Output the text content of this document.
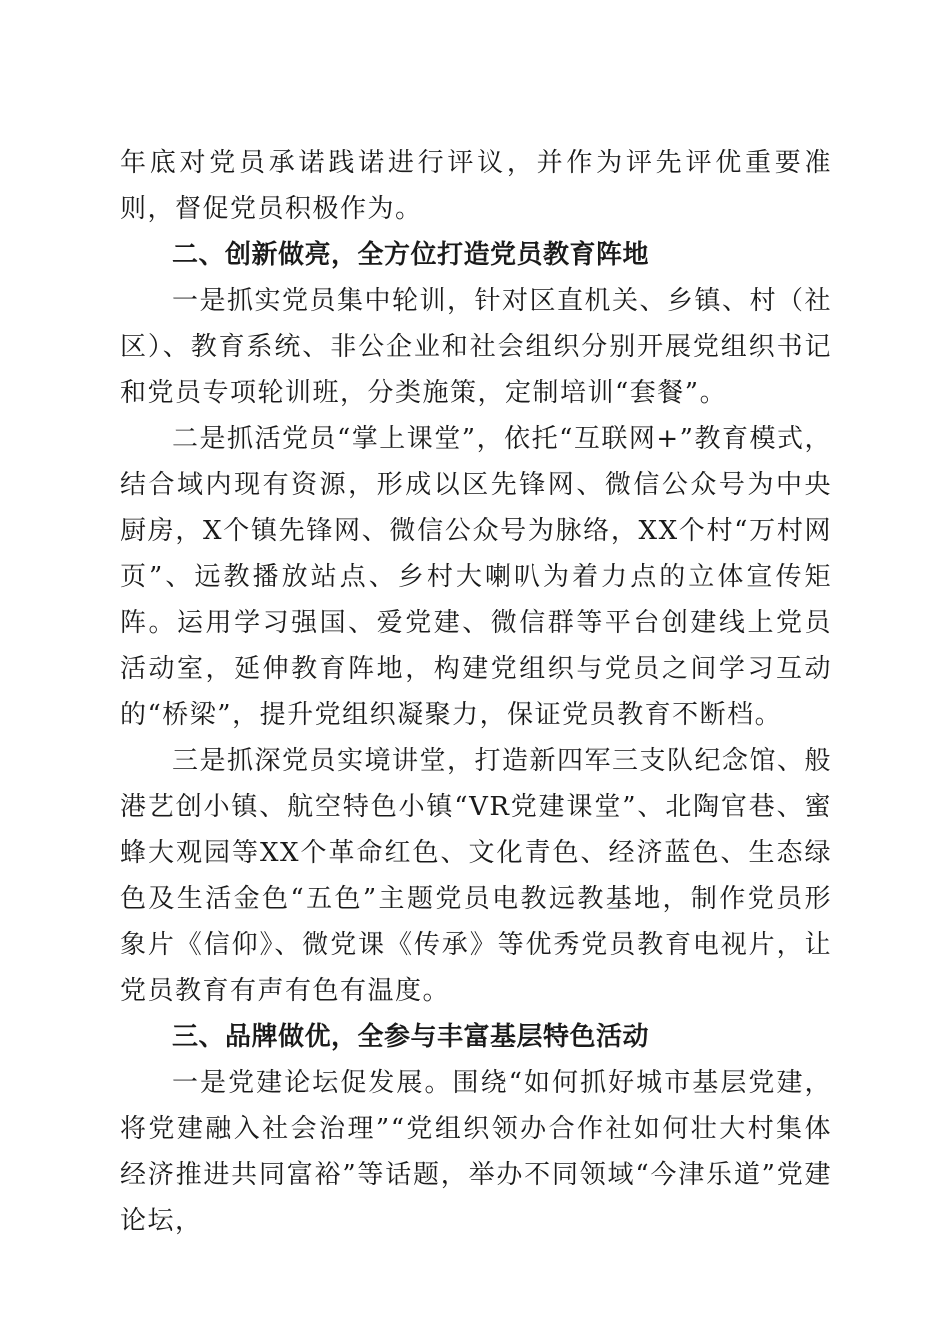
年底对党员承诺践诺进行评议，并作为评先评优重要准则，督促党员积极作为。

二、创新做亮，全方位打造党员教育阵地

一是抓实党员集中轮训，针对区直机关、乡镇、村（社区）、教育系统、非公企业和社会组织分别开展党组织书记和党员专项轮训班，分类施策，定制培训“套餐”。

二是抓活党员“掌上课堂”，依托“互联网+”教育模式，结合域内现有资源，形成以区先锋网、微信公众号为中央厨房，X个镇先锋网、微信公众号为脉络，XX个村“万村网页”、远教播放站点、乡村大喇叭为着力点的立体宣传矩阵。运用学习强国、爱党建、微信群等平台创建线上党员活动室，延伸教育阵地，构建党组织与党员之间学习互动的“桥梁”，提升党组织凝聚力，保证党员教育不断档。

三是抓深党员实境讲堂，打造新四军三支队纪念馆、般港艺创小镇、航空特色小镇“VR党建课堂”、北陶官巷、蜜蜂大观园等XX个革命红色、文化青色、经济蓝色、生态绿色及生活金色“五色”主题党员电教远教基地，制作党员形象片《信仰》、微党课《传承》等优秀党员教育电视片，让党员教育有声有色有温度。

三、品牌做优，全参与丰富基层特色活动

一是党建论坛促发展。围绕“如何抓好城市基层党建，将党建融入社会治理”“党组织领办合作社如何壮大村集体经济推进共同富裕”等话题，举办不同领域“今津乐道”党建论坛，
